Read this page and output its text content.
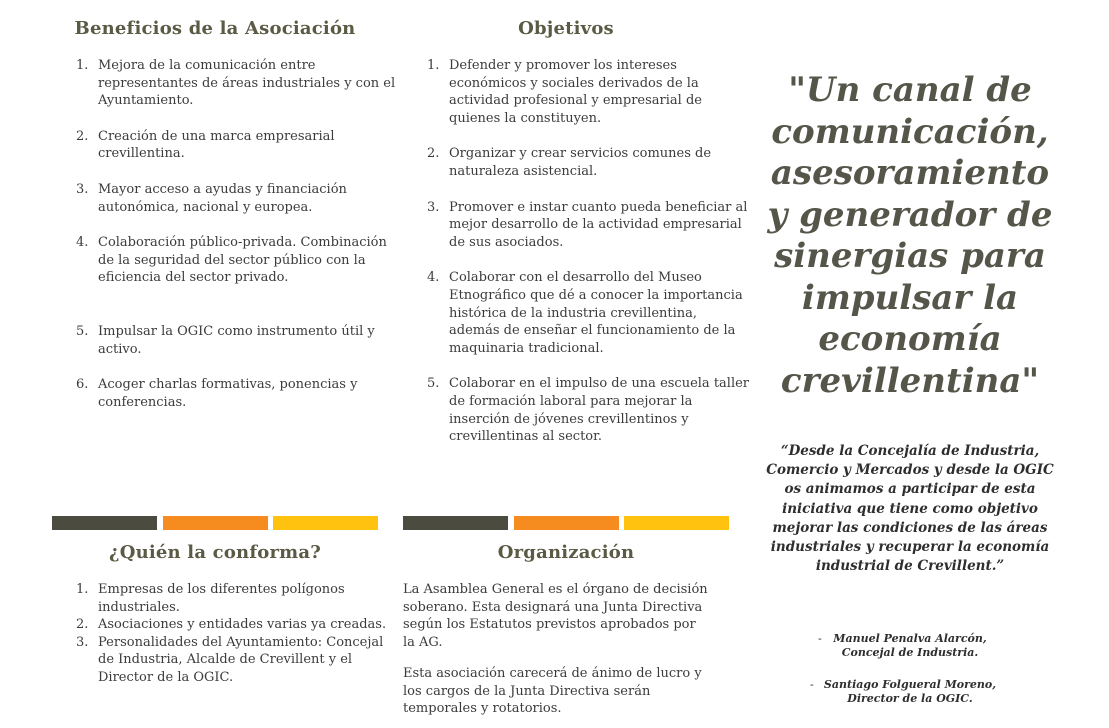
Beneficios de la Asociación
1. Mejora de la comunicación entre representantes de áreas industriales y con el Ayuntamiento.
2. Creación de una marca empresarial crevillentina.
3. Mayor acceso a ayudas y financiación autonómica, nacional y europea.
4. Colaboración público-privada. Combinación de la seguridad del sector público con la eficiencia del sector privado.
5. Impulsar la OGIC como instrumento útil y activo.
6. Acoger charlas formativas, ponencias y conferencias.
¿Quién la conforma?
1. Empresas de los diferentes polígonos industriales.
2. Asociaciones y entidades varias ya creadas.
3. Personalidades del Ayuntamiento: Concejal de Industria, Alcalde de Crevillent y el Director de la OGIC.
Objetivos
1. Defender y promover los intereses económicos y sociales derivados de la actividad profesional y empresarial de quienes la constituyen.
2. Organizar y crear servicios comunes de naturaleza asistencial.
3. Promover e instar cuanto pueda beneficiar al mejor desarrollo de la actividad empresarial de sus asociados.
4. Colaborar con el desarrollo del Museo Etnográfico que dé a conocer la importancia histórica de la industria crevillentina, además de enseñar el funcionamiento de la maquinaria tradicional.
5. Colaborar en el impulso de una escuela taller de formación laboral para mejorar la inserción de jóvenes crevillentinos y crevillentinas al sector.
Organización

La Asamblea General es el órgano de decisión soberano. Esta designará una Junta Directiva según los Estatutos previstos aprobados por la AG.

Esta asociación carecerá de ánimo de lucro y los cargos de la Junta Directiva serán temporales y rotatorios.

"Un canal de comunicación, asesoramiento y generador de sinergias para impulsar la economía crevillentina"

“Desde la Concejalía de Industria, Comercio y Mercados y desde la OGIC os animamos a participar de esta iniciativa que tiene como objetivo mejorar las condiciones de las áreas industriales y recuperar la economía industrial de Crevillent.”

-	Manuel Penalva Alarcón,
Concejal de Industria.
- Santiago Folgueral Moreno,
Director de la OGIC.
